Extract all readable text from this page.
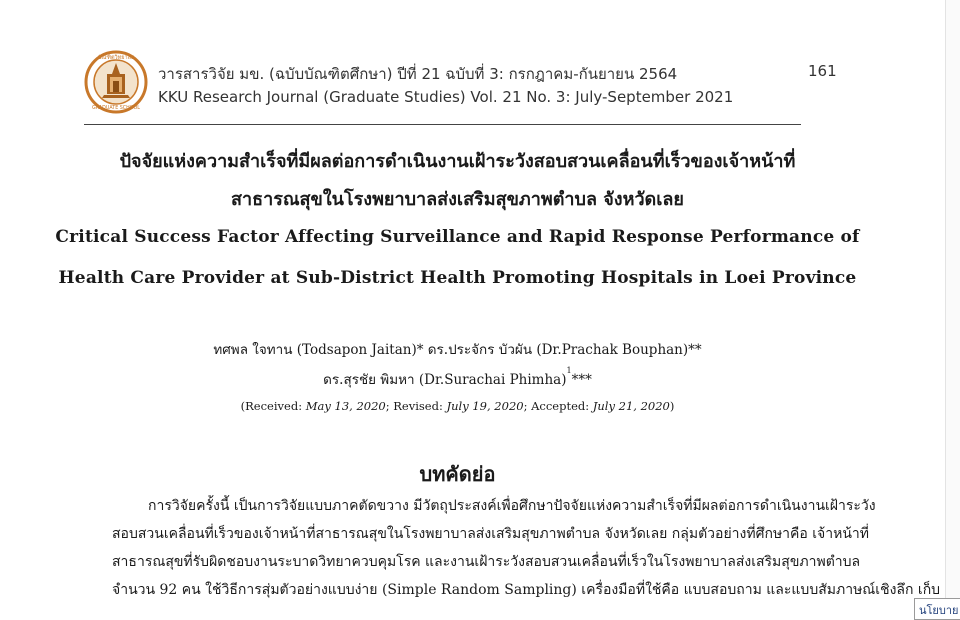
บัณฑิตวิทยาลัย
GRADUATE SCHOOL
วารสารวิจัย มข. (ฉบับบัณฑิตศึกษา) ปีที่ 21 ฉบับที่ 3: กรกฎาคม-กันยายน 2564
KKU Research Journal (Graduate Studies) Vol. 21 No. 3: July-September 2021
161
ปัจจัยแห่งความสำเร็จที่มีผลต่อการดำเนินงานเฝ้าระวังสอบสวนเคลื่อนที่เร็วของเจ้าหน้าที่
สาธารณสุขในโรงพยาบาลส่งเสริมสุขภาพตำบล จังหวัดเลย
Critical Success Factor Affecting Surveillance and Rapid Response Performance of
Health Care Provider at Sub-District Health Promoting Hospitals in Loei Province
ทศพล ใจทาน (Todsapon Jaitan)* ดร.ประจักร บัวผัน (Dr.Prachak Bouphan)**
ดร.สุรชัย พิมหา (Dr.Surachai Phimha)$^1$***
(Received: May 13, 2020; Revised: July 19, 2020; Accepted: July 21, 2020)
บทคัดย่อ
การวิจัยครั้งนี้ เป็นการวิจัยแบบภาคตัดขวาง มีวัตถุประสงค์เพื่อศึกษาปัจจัยแห่งความสำเร็จที่มีผลต่อการดำเนินงานเฝ้าระวัง
สอบสวนเคลื่อนที่เร็วของเจ้าหน้าที่สาธารณสุขในโรงพยาบาลส่งเสริมสุขภาพตำบล จังหวัดเลย กลุ่มตัวอย่างที่ศึกษาคือ เจ้าหน้าที่
สาธารณสุขที่รับผิดชอบงานระบาดวิทยาควบคุมโรค และงานเฝ้าระวังสอบสวนเคลื่อนที่เร็วในโรงพยาบาลส่งเสริมสุขภาพตำบล
จำนวน 92 คน ใช้วิธีการสุ่มตัวอย่างแบบง่าย (Simple Random Sampling) เครื่องมือที่ใช้คือ แบบสอบถาม และแบบสัมภาษณ์เชิงลึก เก็บ
นโยบาย
